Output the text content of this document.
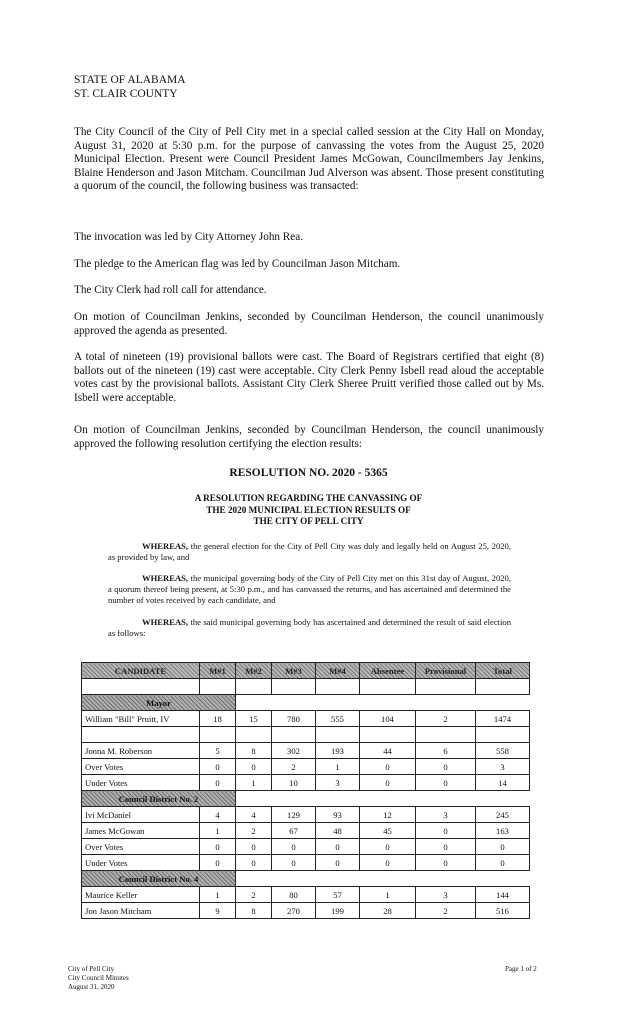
STATE OF ALABAMA
ST. CLAIR COUNTY

The City Council of the City of Pell City met in a special called session at the City Hall on Monday, August 31, 2020 at 5:30 p.m. for the purpose of canvassing the votes from the August 25, 2020 Municipal Election. Present were Council President James McGowan, Councilmembers Jay Jenkins, Blaine Henderson and Jason Mitcham. Councilman Jud Alverson was absent. Those present constituting a quorum of the council, the following business was transacted:

The invocation was led by City Attorney John Rea.

The pledge to the American flag was led by Councilman Jason Mitcham.

The City Clerk had roll call for attendance.

On motion of Councilman Jenkins, seconded by Councilman Henderson, the council unanimously approved the agenda as presented.

A total of nineteen (19) provisional ballots were cast. The Board of Registrars certified that eight (8) ballots out of the nineteen (19) cast were acceptable. City Clerk Penny Isbell read aloud the acceptable votes cast by the provisional ballots. Assistant City Clerk Sheree Pruitt verified those called out by Ms. Isbell were acceptable.

On motion of Councilman Jenkins, seconded by Councilman Henderson, the council unanimously approved the following resolution certifying the election results:

RESOLUTION NO. 2020 - 5365
A RESOLUTION REGARDING THE CANVASSING OF
THE 2020 MUNICIPAL ELECTION RESULTS OF
THE CITY OF PELL CITY
WHEREAS, the general election for the City of Pell City was duly and legally held on August 25, 2020, as provided by law, and
WHEREAS, the municipal governing body of the City of Pell City met on this 31st day of August, 2020, a quorum thereof being present, at 5:30 p.m., and has canvassed the returns, and has ascertained and determined the number of votes received by each candidate, and
WHEREAS, the said municipal governing body has ascertained and determined the result of said election as follows:
CANDIDATE	M#1	M#2	M#3	M#4	Absentee	Provisional	Total

Mayor							
William "Bill" Pruitt, IV	18	15	780	555	104	2	1474

Jonna M. Roberson	5	8	302	193	44	6	558
Over Votes	0	0	2	1	0	0	3
Under Votes	0	1	10	3	0	0	14
Council District No. 2							
Ivi McDaniel	4	4	129	93	12	3	245
James McGowan	1	2	67	48	45	0	163
Over Votes	0	0	0	0	0	0	0
Under Votes	0	0	0	0	0	0	0
Council District No. 4							
Maurice Keller	1	2	80	57	1	3	144
Jon Jason Mitcham	9	8	270	199	28	2	516
City of Pell City
City Council Minutes
August 31, 2020
Page 1 of 2
